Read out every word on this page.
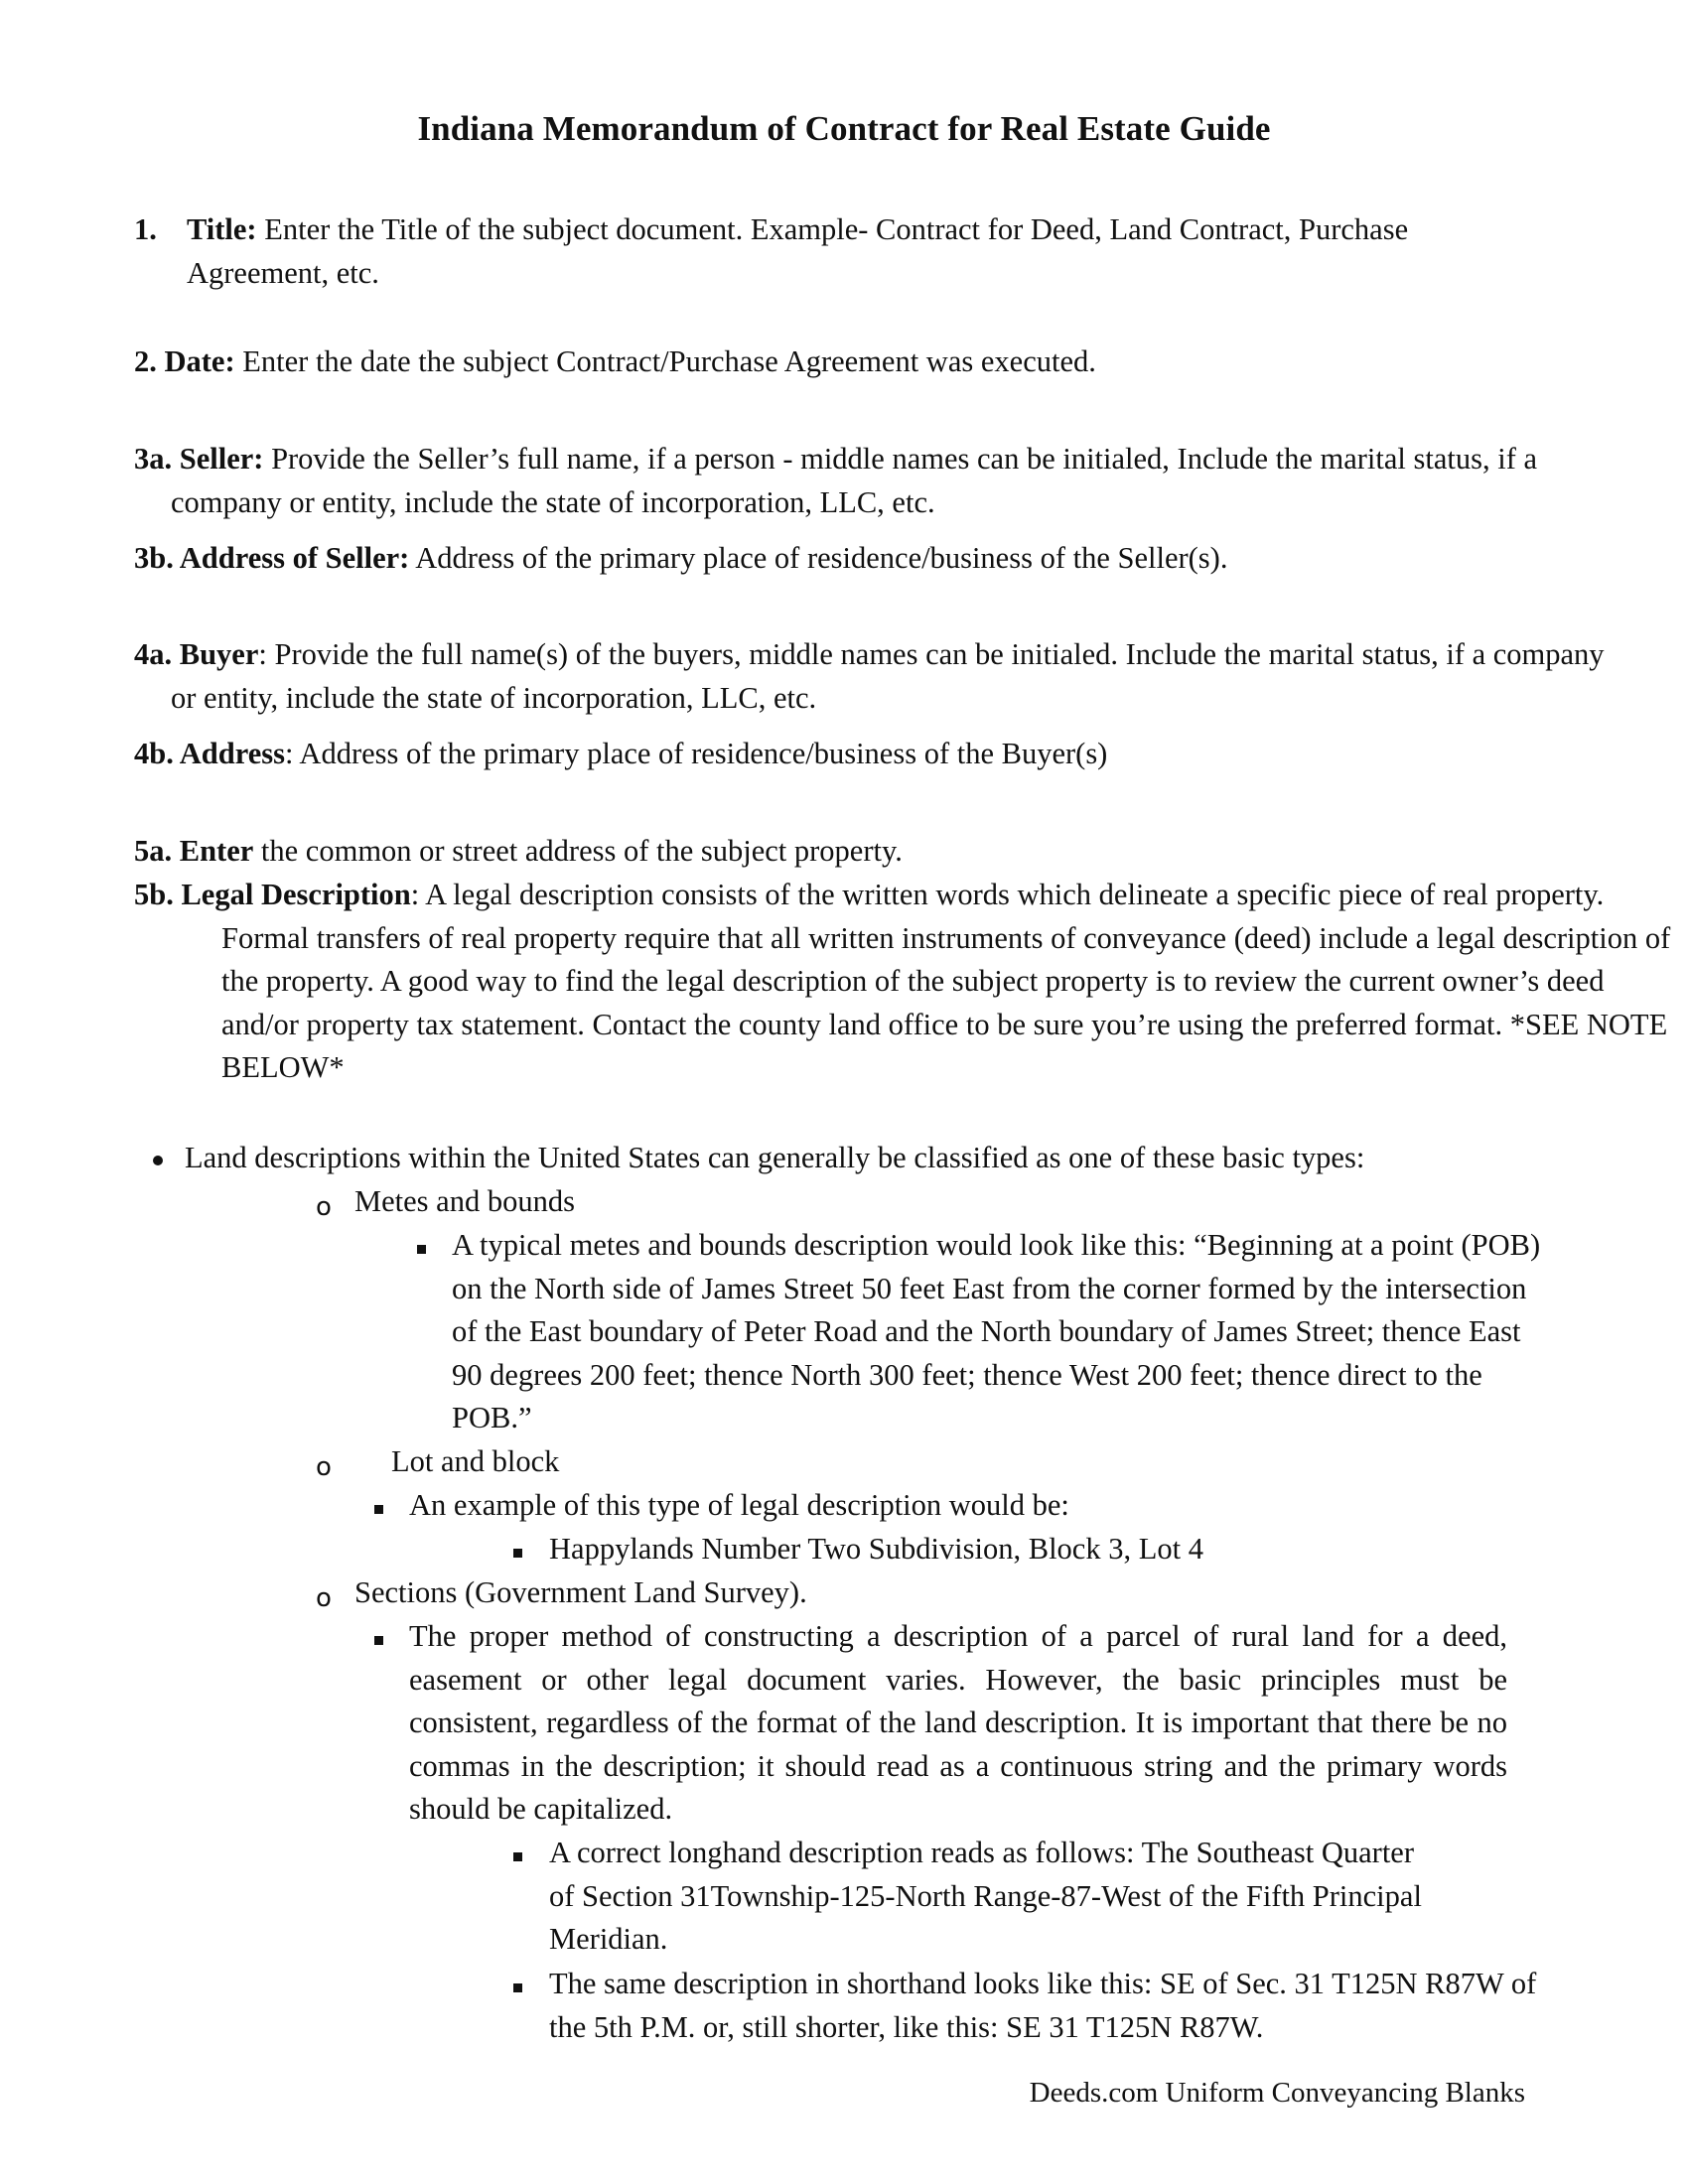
Indiana Memorandum of Contract for Real Estate Guide
1. Title: Enter the Title of the subject document. Example- Contract for Deed, Land Contract, Purchase Agreement, etc.
2. Date: Enter the date the subject Contract/Purchase Agreement was executed.
3a. Seller: Provide the Seller’s full name, if a person - middle names can be initialed, Include the marital status, if a company or entity, include the state of incorporation, LLC, etc.
3b. Address of Seller: Address of the primary place of residence/business of the Seller(s).
4a. Buyer: Provide the full name(s) of the buyers, middle names can be initialed. Include the marital status, if a company or entity, include the state of incorporation, LLC, etc.
4b. Address: Address of the primary place of residence/business of the Buyer(s)
5a. Enter the common or street address of the subject property.
5b. Legal Description: A legal description consists of the written words which delineate a specific piece of real property. Formal transfers of real property require that all written instruments of conveyance (deed) include a legal description of the property. A good way to find the legal description of the subject property is to review the current owner’s deed and/or property tax statement. Contact the county land office to be sure you’re using the preferred format. *SEE NOTE BELOW*
Land descriptions within the United States can generally be classified as one of these basic types:
o Metes and bounds
A typical metes and bounds description would look like this: “Beginning at a point (POB) on the North side of James Street 50 feet East from the corner formed by the intersection of the East boundary of Peter Road and the North boundary of James Street; thence East 90 degrees 200 feet; thence North 300 feet; thence West 200 feet; thence direct to the POB.”
o Lot and block
An example of this type of legal description would be:
Happylands Number Two Subdivision, Block 3, Lot 4
o Sections (Government Land Survey).
The proper method of constructing a description of a parcel of rural land for a deed, easement or other legal document varies. However, the basic principles must be consistent, regardless of the format of the land description. It is important that there be no commas in the description; it should read as a continuous string and the primary words should be capitalized.
A correct longhand description reads as follows: The Southeast Quarter of Section 31Township-125-North Range-87-West of the Fifth Principal Meridian.
The same description in shorthand looks like this: SE of Sec. 31 T125N R87W of the 5th P.M. or, still shorter, like this: SE 31 T125N R87W.
Deeds.com Uniform Conveyancing Blanks
